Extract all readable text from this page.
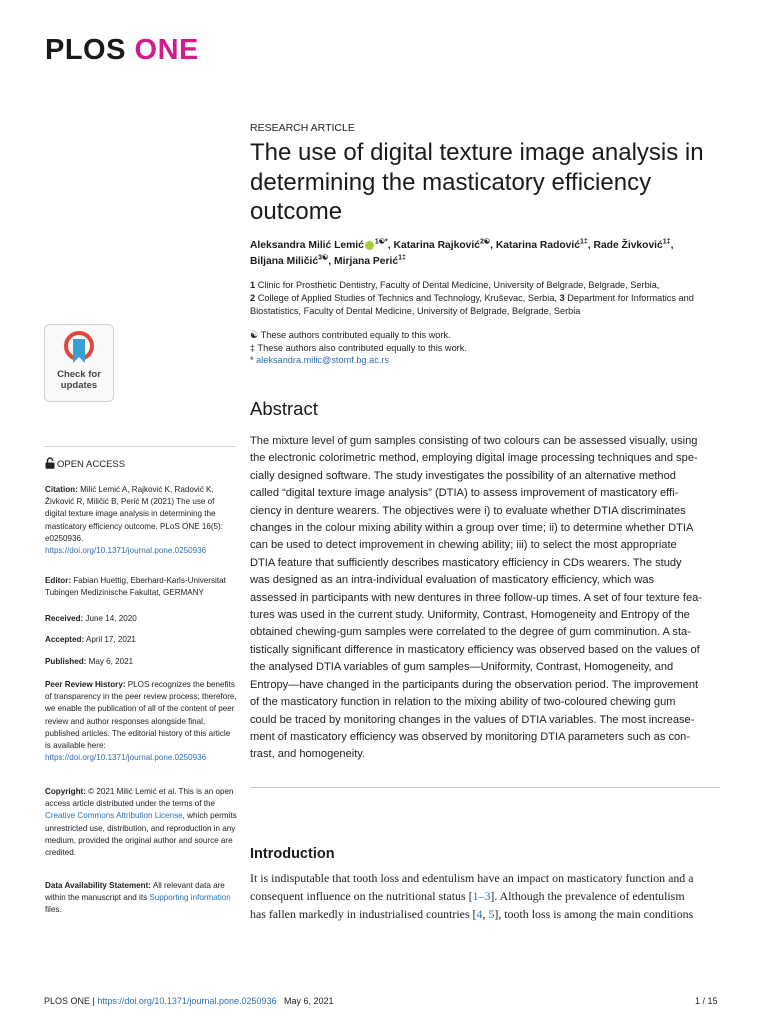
PLOS ONE
RESEARCH ARTICLE
The use of digital texture image analysis in determining the masticatory efficiency outcome
Aleksandra Milić Lemić $^{1☯*}$, Katarina Rajković$^{2☯}$, Katarina Radović$^{1\ddagger}$, Rade Živković$^{1\ddagger}$,
Biljana Miličić$^{3☯}$, Mirjana Perić$^{1\ddagger}$
1 Clinic for Prosthetic Dentistry, Faculty of Dental Medicine, University of Belgrade, Belgrade, Serbia,
2 College of Applied Studies of Technics and Technology, Kruševac, Serbia, 3 Department for Informatics and Biostatistics, Faculty of Dental Medicine, University of Belgrade, Belgrade, Serbia
☯ These authors contributed equally to this work.
‡ These authors also contributed equally to this work.
* aleksandra.milic@stomf.bg.ac.rs
Abstract
The mixture level of gum samples consisting of two colours can be assessed visually, using
the electronic colorimetric method, employing digital image processing techniques and spe-
cially designed software. The study investigates the possibility of an alternative method
called “digital texture image analysis” (DTIA) to assess improvement of masticatory effi-
ciency in denture wearers. The objectives were i) to evaluate whether DTIA discriminates
changes in the colour mixing ability within a group over time; ii) to determine whether DTIA
can be used to detect improvement in chewing ability; iii) to select the most appropriate
DTIA feature that sufficiently describes masticatory efficiency in CDs wearers. The study
was designed as an intra-individual evaluation of masticatory efficiency, which was
assessed in participants with new dentures in three follow-up times. A set of four texture fea-
tures was used in the current study. Uniformity, Contrast, Homogeneity and Entropy of the
obtained chewing-gum samples were correlated to the degree of gum comminution. A sta-
tistically significant difference in masticatory efficiency was observed based on the values of
the analysed DTIA variables of gum samples—Uniformity, Contrast, Homogeneity, and
Entropy—have changed in the participants during the observation period. The improvement
of the masticatory function in relation to the mixing ability of two-coloured chewing gum
could be traced by monitoring changes in the values of DTIA variables. The most increase-
ment of masticatory efficiency was observed by monitoring DTIA parameters such as con-
trast, and homogeneity.
Introduction
It is indisputable that tooth loss and edentulism have an impact on masticatory function and a
consequent influence on the nutritional status [1–3]. Although the prevalence of edentulism
has fallen markedly in industrialised countries [4, 5], tooth loss is among the main conditions
Check for
updates
OPEN ACCESS
Citation: Milić Lemić A, Rajković K, Radović K, Živković R, Miličić B, Perić M (2021) The use of digital texture image analysis in determining the masticatory efficiency outcome. PLoS ONE 16(5): e0250936. https://doi.org/10.1371/journal.pone.0250936
Editor: Fabian Huettig, Eberhard-Karls-Universitat Tubingen Medizinische Fakultat, GERMANY
Received: June 14, 2020
Accepted: April 17, 2021
Published: May 6, 2021
Peer Review History: PLOS recognizes the benefits of transparency in the peer review process; therefore, we enable the publication of all of the content of peer review and author responses alongside final, published articles. The editorial history of this article is available here: https://doi.org/10.1371/journal.pone.0250936
Copyright: © 2021 Milić Lemić et al. This is an open access article distributed under the terms of the Creative Commons Attribution License, which permits unrestricted use, distribution, and reproduction in any medium, provided the original author and source are credited.
Data Availability Statement: All relevant data are within the manuscript and its Supporting information files.
PLOS ONE | https://doi.org/10.1371/journal.pone.0250936 May 6, 2021	1 / 15
